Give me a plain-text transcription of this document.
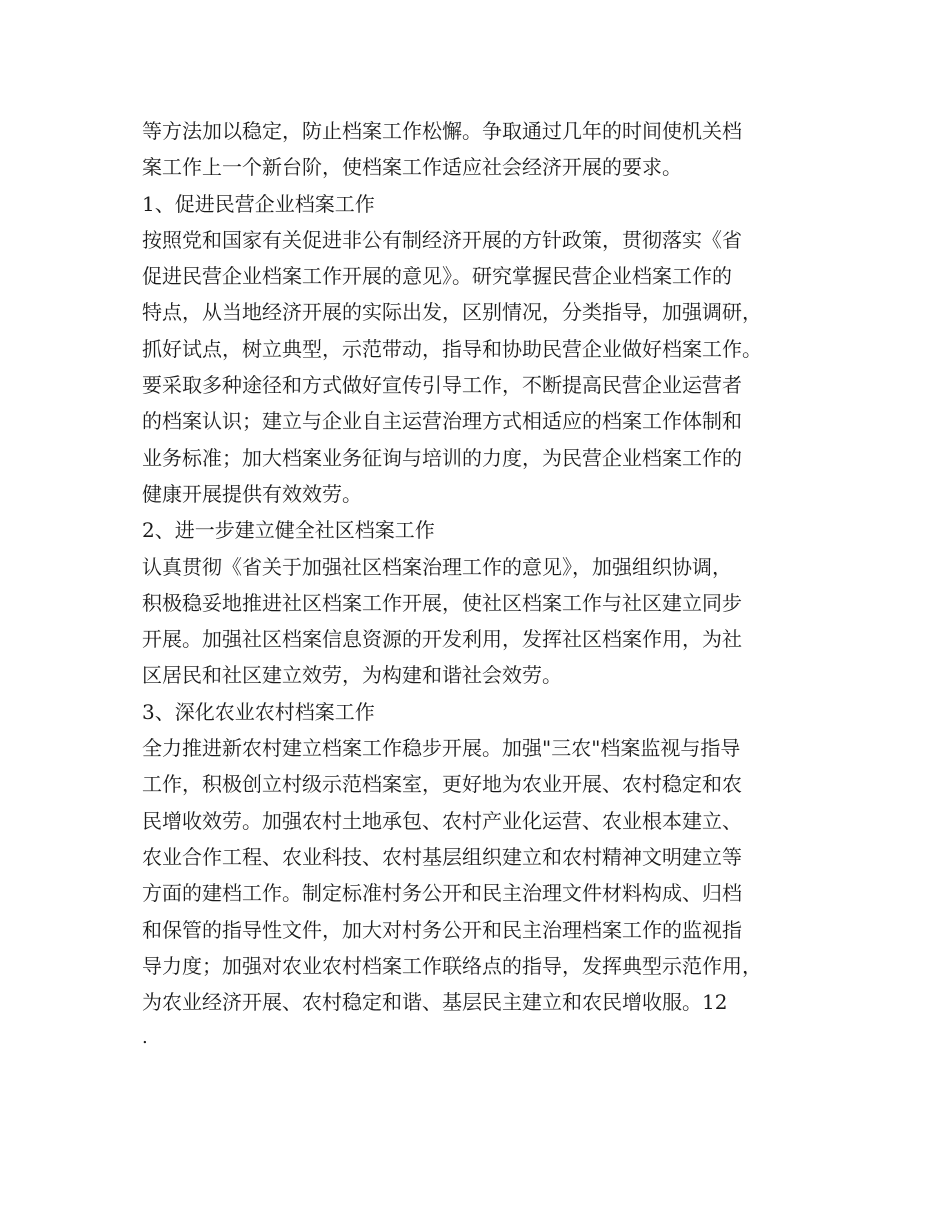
等方法加以稳定，防止档案工作松懈。争取通过几年的时间使机关档
案工作上一个新台阶，使档案工作适应社会经济开展的要求。
1、促进民营企业档案工作
按照党和国家有关促进非公有制经济开展的方针政策，贯彻落实《省
促进民营企业档案工作开展的意见》。研究掌握民营企业档案工作的
特点，从当地经济开展的实际出发，区别情况，分类指导，加强调研，
抓好试点，树立典型，示范带动，指导和协助民营企业做好档案工作。
要采取多种途径和方式做好宣传引导工作，不断提高民营企业运营者
的档案认识；建立与企业自主运营治理方式相适应的档案工作体制和
业务标准；加大档案业务征询与培训的力度，为民营企业档案工作的
健康开展提供有效效劳。
2、进一步建立健全社区档案工作
认真贯彻《省关于加强社区档案治理工作的意见》，加强组织协调，
积极稳妥地推进社区档案工作开展，使社区档案工作与社区建立同步
开展。加强社区档案信息资源的开发利用，发挥社区档案作用，为社
区居民和社区建立效劳，为构建和谐社会效劳。
3、深化农业农村档案工作
全力推进新农村建立档案工作稳步开展。加强"三农"档案监视与指导
工作，积极创立村级示范档案室，更好地为农业开展、农村稳定和农
民增收效劳。加强农村土地承包、农村产业化运营、农业根本建立、
农业合作工程、农业科技、农村基层组织建立和农村精神文明建立等
方面的建档工作。制定标准村务公开和民主治理文件材料构成、归档
和保管的指导性文件，加大对村务公开和民主治理档案工作的监视指
导力度；加强对农业农村档案工作联络点的指导，发挥典型示范作用，
为农业经济开展、农村稳定和谐、基层民主建立和农民增收服。12
.
